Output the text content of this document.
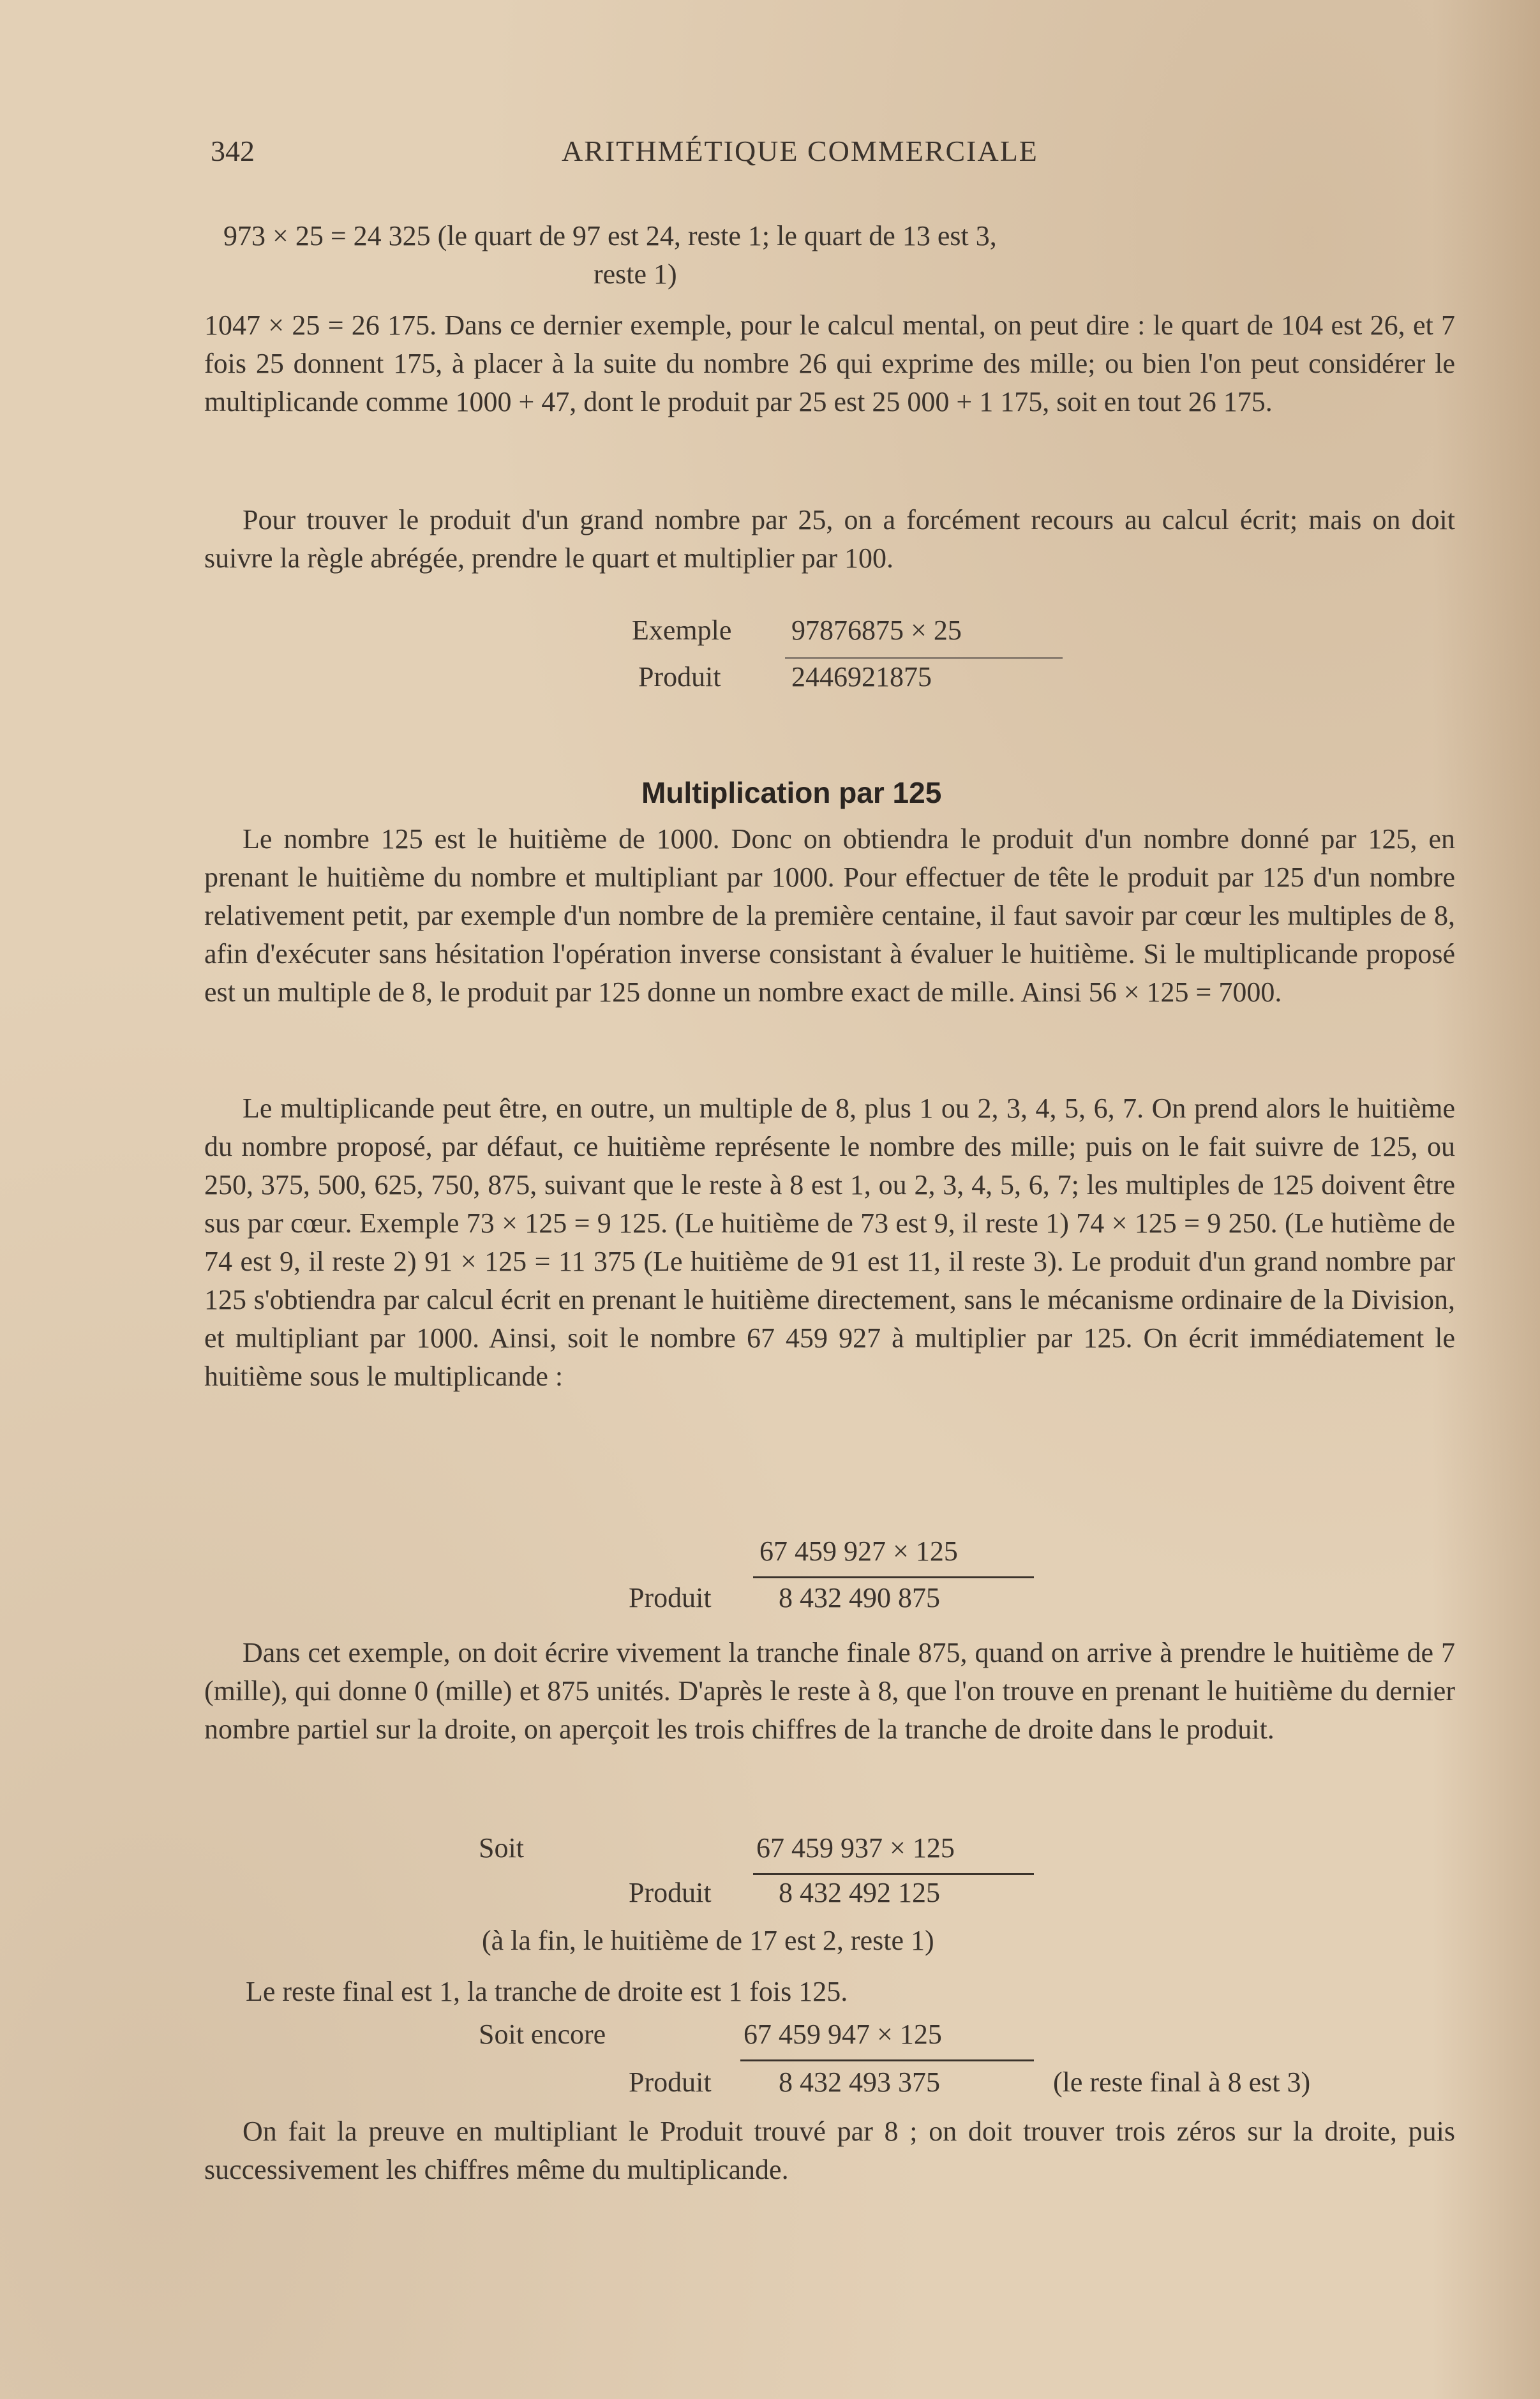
342	ARITHMÉTIQUE COMMERCIALE
973 × 25 = 24 325 (le quart de 97 est 24, reste 1; le quart de 13 est 3,
reste 1)

1047 × 25 = 26 175. Dans ce dernier exemple, pour le calcul mental, on peut dire : le quart de 104 est 26, et 7 fois 25 donnent 175, à placer à la suite du nombre 26 qui exprime des mille; ou bien l'on peut considérer le multiplicande comme 1000 + 47, dont le produit par 25 est 25 000 + 1 175, soit en tout 26 175.

Pour trouver le produit d'un grand nombre par 25, on a forcément recours au calcul écrit; mais on doit suivre la règle abrégée, prendre le quart et multiplier par 100.

Exemple 97876875 × 25
Produit	2446921875
Multiplication par 125

Le nombre 125 est le huitième de 1000. Donc on obtiendra le produit d'un nombre donné par 125, en prenant le huitième du nombre et multipliant par 1000. Pour effectuer de tête le produit par 125 d'un nombre relativement petit, par exemple d'un nombre de la première centaine, il faut savoir par cœur les multiples de 8, afin d'exécuter sans hésitation l'opération inverse consistant à évaluer le huitième. Si le multiplicande proposé est un multiple de 8, le produit par 125 donne un nombre exact de mille. Ainsi 56 × 125 = 7000.

Le multiplicande peut être, en outre, un multiple de 8, plus 1 ou 2, 3, 4, 5, 6, 7. On prend alors le huitième du nombre proposé, par défaut, ce huitième représente le nombre des mille; puis on le fait suivre de 125, ou 250, 375, 500, 625, 750, 875, suivant que le reste à 8 est 1, ou 2, 3, 4, 5, 6, 7; les multiples de 125 doivent être sus par cœur. Exemple 73 × 125 = 9 125. (Le huitième de 73 est 9, il reste 1) 74 × 125 = 9 250. (Le hutième de 74 est 9, il reste 2) 91 × 125 = 11 375 (Le huitième de 91 est 11, il reste 3). Le produit d'un grand nombre par 125 s'obtiendra par calcul écrit en prenant le huitième directement, sans le mécanisme ordinaire de la Division, et multipliant par 1000. Ainsi, soit le nombre 67 459 927 à multiplier par 125. On écrit immédiatement le huitième sous le multiplicande :

67 459 927 × 125
Produit 8 432 490 875

Dans cet exemple, on doit écrire vivement la tranche finale 875, quand on arrive à prendre le huitième de 7 (mille), qui donne 0 (mille) et 875 unités. D'après le reste à 8, que l'on trouve en prenant le huitième du dernier nombre partiel sur la droite, on aperçoit les trois chiffres de la tranche de droite dans le produit.

Soit	67 459 937 × 125
Produit 8 432 492 125
(à la fin, le huitième de 17 est 2, reste 1)
Le reste final est 1, la tranche de droite est 1 fois 125.
Soit encore	67 459 947 × 125
Produit 8 432 493 375	(le reste final à 8 est 3)

On fait la preuve en multipliant le Produit trouvé par 8 ; on doit trouver trois zéros sur la droite, puis successivement les chiffres même du multiplicande.
